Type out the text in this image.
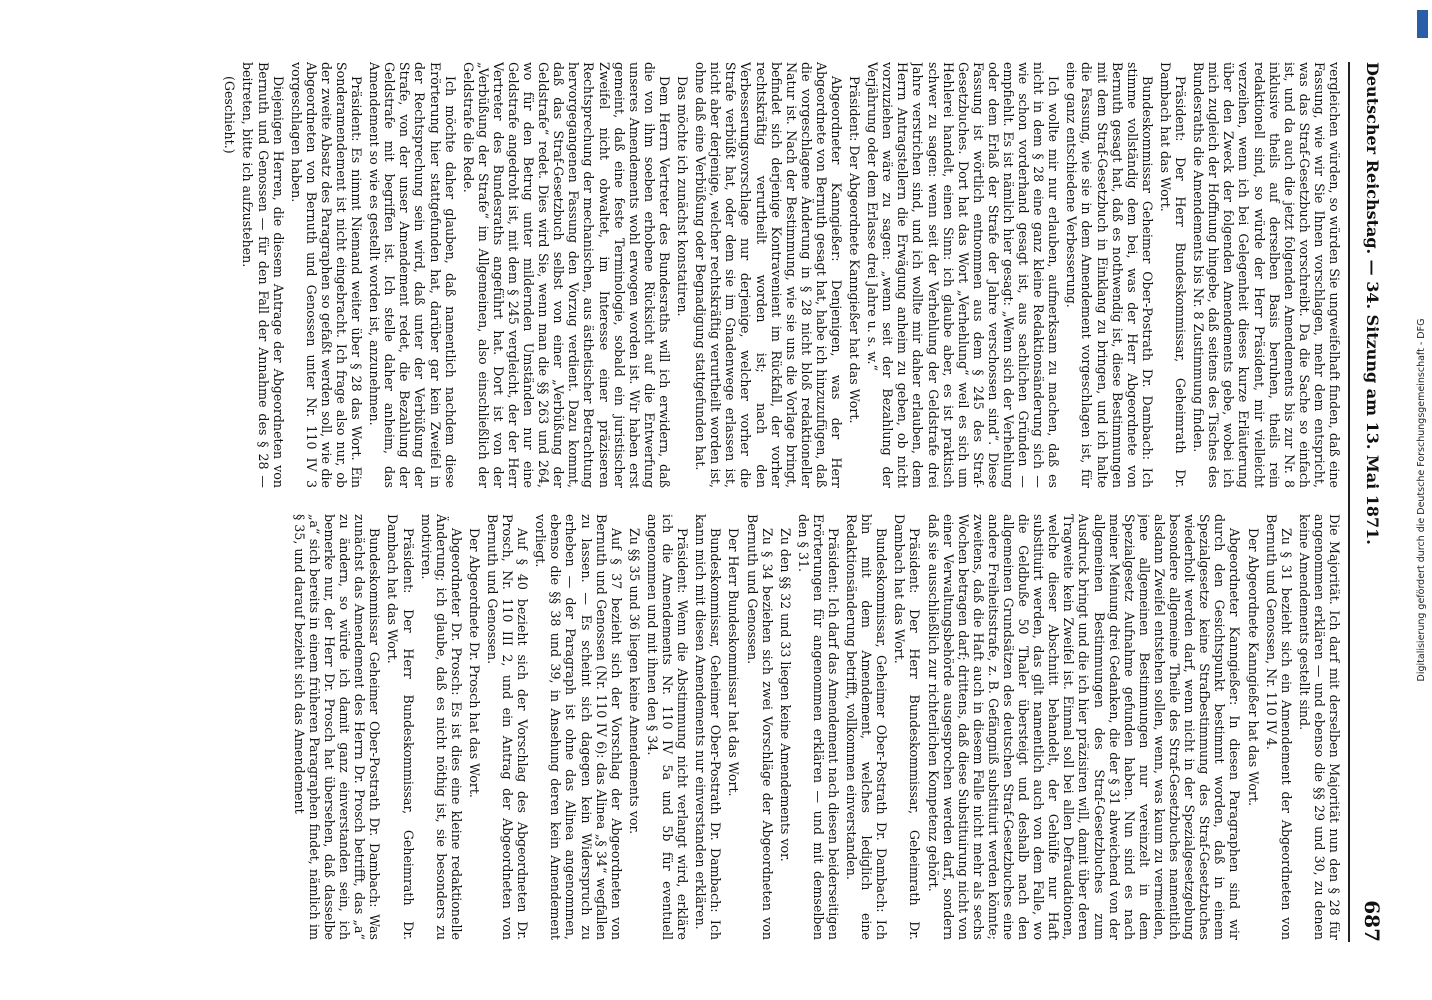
Deutscher Reichstag. — 34. Sitzung am 13. Mai 1871.
687

vergleichen würden, so würden Sie ungweifelhaft finden, daß eine Fassung, wie wir Sie Ihnen vorschlagen, mehr dem entspricht, was das Straf-Gesetzbuch vorschreibt. Da die Sache so einfach ist, und da auch die jetzt folgenden Amendements bis zur Nr. 8 inklusive theils auf derselben Basis beruhen, theils rein redaktionell sind, so würde der Herr Präsident, mir vielleicht verzeihen, wenn ich bei Gelegenheit dieses kurze Erläuterung über den Zweck der folgenden Amendements gebe, wobei ich mich zugleich der Hoffnung hingebe, daß seitens des Tisches des Bundesraths die Amendements bis Nr. 8 Zustimmung finden.

Präsident: Der Herr Bundeskommissar, Geheimrath Dr. Dambach hat das Wort.

Bundeskommissar Geheimer Ober-Postrath Dr. Dambach: Ich stimme vollständig dem bei, was der Herr Abgeordnete von Bernuth gesagt hat, daß es nothwendig ist, diese Bestimmungen mit dem Straf-Gesetzbuch in Einklang zu bringen, und ich halte die Fassung, wie sie in dem Amendement vorgeschlagen ist, für eine ganz entschiedene Verbesserung.

Ich wollte mir nur erlauben, aufmerksam zu machen, daß es nicht in dem § 28 eine ganz kleine Redaktionsänderung sich — wie schon vorderhand gesagt ist, aus sachlichen Gründen — empfiehlt. Es ist nämlich hier gesagt: „Wenn sich der Verhehlung oder dem Erlaß der Strafe der Jahre verschossen sind“. Diese Fassung ist wörtlich entnommen aus dem § 245 des Straf-Gesetzbuches. Dort hat das Wort „Verhehlung“ weil es sich um Hehlerei handelt, einen Sinn: ich glaube aber, es ist praktisch schwer zu sagen: wenn seit der Verhehlung der Geldstrafe drei Jahre verstrichen sind, und ich wollte mir daher erlauben, dem Herrn Antragstellern die Erwägung anheim zu geben, ob nicht vorzuziehen wäre zu sagen: „wenn seit der Bezahlung der Verjährung oder dem Erlasse drei Jahre u. s. w.“

Präsident: Der Abgeordnete Kanngießer hat das Wort.

Abgeordneter Kanngießer: Denjenigen, was der Herr Abgeordnete von Bernuth gesagt hat, habe ich hinzuzufügen, daß die vorgeschlagene Änderung in § 28 nicht bloß redaktioneller Natur ist. Nach der Bestimmung, wie sie uns die Vorlage bringt, befindet sich derjenige Kontravenient im Rückfall, der vorher rechtskräftig verurtheilt worden ist; nach den Verbesserungsvorschlage nur derjenige, welcher vorher die Strafe verbüßt hat, oder dem sie im Gnadenwege erlassen ist, nicht aber derjenige, welcher rechtskräftig verurtheilt worden ist, ohne daß eine Verbüßung oder Begnadigung stattgefunden hat.

Das möchte ich zunächst konstatiren.

Dem Herrn Vertreter des Bundesraths will ich erwidern, daß die von ihm soeben erhobene Rücksicht auf die Entwerfung unseres Amendements wohl erwogen worden ist. Wir haben erst gemeint, daß eine feste Terminologie, sobald ein juristischer Zweifel nicht obwaltet, im Interesse einer präziseren Rechtsprechung der mechanischen, aus ästhetischer Betrachtung hervorgegangenen Fassung den Vorzug verdient. Dazu kommt, daß das Straf-Gesetzbuch selbst von einer „Verbüßung der Geldstrafe“ redet. Dies wird Sie, wenn man die §§ 263 und 264, wo für den Betrug unter mildernden Umständen nur eine Geldstrafe angedroht ist, mit dem § 245 vergleicht, der der Herr Vertreter des Bundesraths angeführt hat. Dort ist von der „Verbüßung der Strafe“ im Allgemeinen, also einschließlich der Geldstrafe die Rede.

Ich möchte daher glauben, daß namentlich nachdem diese Erörterung hier stattgefunden hat, darüber gar kein Zweifel in der Rechtsprechung sein wird, daß unter der Verbüßung der Strafe, von der unser Amendement redet, die Bezahlung der Geldstrafe mit begriffen ist. Ich stelle daher anheim, das Amendement so wie es gestellt worden ist, anzunehmen.

Präsident: Es nimmt Niemand weiter über § 28 das Wort. Ein Sonderamendement ist nicht eingebracht. Ich frage also nur, ob der zweite Absatz des Paragraphen so gefaßt werden soll, wie die Abgeordneten von Bernuth und Genossen unter Nr. 110 IV 3 vorgeschlagen haben.

Diejenigen Herren, die diesem Antrage der Abgeordneten von Bernuth und Genossen — für den Fall der Annahme des § 28 — beitreten, bitte ich aufzustehen.

(Geschieht.)

Die Majorität. Ich darf mit derselben Majorität nun den § 28 für angenommen erklären — und ebenso die §§ 29 und 30, zu denen keine Amendements gestellt sind.

Zu § 31 bezieht sich ein Amendement der Abgeordneten von Bernuth und Genossen, Nr. 110 IV 4.

Der Abgeordnete Kanngießer hat das Wort.

Abgeordneter Kanngießer: In diesen Paragraphen sind wir durch den Gesichtspunkt bestimmt worden, daß in einem Spezialgesetze keine Strafbestimmung des Straf-Gesetzbuches wiederholt werden darf, wenn nicht in der Spezialgesetzgebung besondere allgemeine Theile des Straf-Gesetzbuches namentlich alsdann Zweifel entstehen sollen, wenn, was kaum zu vermeiden, jene allgemeinen Bestimmungen nur vereinzelt in dem Spezialgesetz Aufnahme gefunden haben. Nun sind es nach meiner Meinung drei Gedanken, die der § 31 abweichend von der allgemeinen Bestimmungen des Straf-Gesetzbuches zum Ausdruck bringt und die ich hier präzisiren will, damit über deren Tragweite kein Zweifel ist. Einmal soll bei allen Defraudationen, welche dieser Abschnitt behandelt, der Gehülfe nur Haft substituirt werden, das gilt namentlich auch von dem Falle, wo die Geldbuße 50 Thaler übersteigt und deshalb nach den allgemeinen Grundsätzen des deutschen Straf-Gesetzbuches eine andere Freiheitsstrafe, z. B. Gefängniß substituirt werden könnte; zweitens, daß die Haft auch in diesem Falle nicht mehr als sechs Wochen betragen darf; drittens, daß diese Substituirung nicht von einer Verwaltungsbehörde ausgesprochen werden darf, sondern daß sie ausschließlich zur richterlichen Kompetenz gehört.

Präsident: Der Herr Bundeskommissar, Geheimrath Dr. Dambach hat das Wort.

Bundeskommissar, Geheimer Ober-Postrath Dr. Dambach: Ich bin mit dem Amendement, welches lediglich eine Redaktionsänderung betrifft, vollkommen einverstanden.

Präsident: Ich darf das Amendement nach diesen beiderseitigen Erörterungen für angenommen erklären — und mit demselben den § 31.

Zu den §§ 32 und 33 liegen keine Amendements vor.

Zu § 34 beziehen sich zwei Vorschläge der Abgeordneten von Bernuth und Genossen.

Der Herr Bundeskommissar hat das Wort.

Bundeskommissar, Geheimer Ober-Postrath Dr. Dambach: Ich kann mich mit diesen Amendements nur einverstanden erklären.

Präsident: Wenn die Abstimmung nicht verlangt wird, erkläre ich die Amendements Nr. 110 IV 5a und 5b für eventuell angenommen und mit ihnen den § 34.

Zu §§ 35 und 36 liegen keine Amendements vor.

Auf § 37 bezieht sich der Vorschlag der Abgeordneten von Bernuth und Genossen (Nr. 110 IV 6): das Alinea „§ 34“ wegfallen zu lassen. — Es scheint sich dagegen kein Widerspruch zu erheben — der Paragraph ist ohne das Alinea angenommen, ebenso die §§ 38 und 39, in Ansehung deren kein Amendement vorliegt.

Auf § 40 bezieht sich der Vorschlag des Abgeordneten Dr. Prosch, Nr. 110 III 2, und ein Antrag der Abgeordneten von Bernuth und Genossen.

Der Abgeordnete Dr. Prosch hat das Wort.

Abgeordneter Dr. Prosch: Es ist dies eine kleine redaktionelle Änderung; ich glaube, daß es nicht nöthig ist, sie besonders zu motiviren.

Präsident: Der Herr Bundeskommissar, Geheimrath Dr. Dambach hat das Wort.

Bundeskommissar Geheimer Ober-Postrath Dr. Dambach: Was zunächst das Amendement des Herrn Dr. Prosch betrifft, das „a“ zu ändern, so würde ich damit ganz einverstanden sein, ich bemerke nur, der Herr Dr. Prosch hat übersehen, daß dasselbe „a“ sich bereits in einem früheren Paragraphen findet, nämlich im § 35, und darauf bezieht sich das Amendement	Digitalisierung gefördert durch die Deutsche Forschungsgemeinschaft - DFG
